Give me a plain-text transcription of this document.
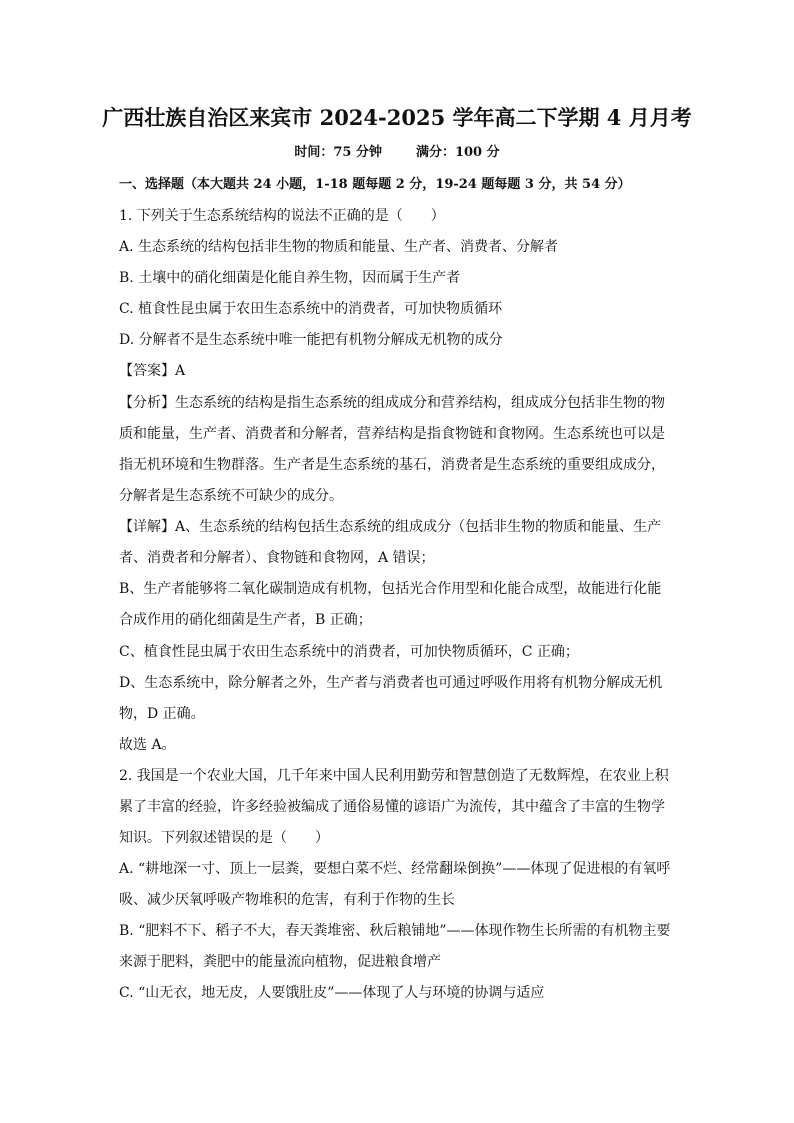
广西壮族自治区来宾市 2024-2025 学年高二下学期 4 月月考
时间：75 分钟	满分：100 分
一、选择题（本大题共 24 小题，1-18 题每题 2 分，19-24 题每题 3 分，共 54 分）
1. 下列关于生态系统结构的说法不正确的是（　　）
A. 生态系统的结构包括非生物的物质和能量、生产者、消费者、分解者
B. 土壤中的硝化细菌是化能自养生物，因而属于生产者
C. 植食性昆虫属于农田生态系统中的消费者，可加快物质循环
D. 分解者不是生态系统中唯一能把有机物分解成无机物的成分
【答案】A
【分析】生态系统的结构是指生态系统的组成成分和营养结构，组成成分包括非生物的物
质和能量，生产者、消费者和分解者，营养结构是指食物链和食物网。生态系统也可以是
指无机环境和生物群落。生产者是生态系统的基石，消费者是生态系统的重要组成成分，
分解者是生态系统不可缺少的成分。
【详解】A、生态系统的结构包括生态系统的组成成分（包括非生物的物质和能量、生产
者、消费者和分解者）、食物链和食物网，A 错误；
B、生产者能够将二氧化碳制造成有机物，包括光合作用型和化能合成型，故能进行化能
合成作用的硝化细菌是生产者，B 正确；
C、植食性昆虫属于农田生态系统中的消费者，可加快物质循环，C 正确；
D、生态系统中，除分解者之外，生产者与消费者也可通过呼吸作用将有机物分解成无机
物，D 正确。
故选 A。
2. 我国是一个农业大国，几千年来中国人民利用勤劳和智慧创造了无数辉煌，在农业上积
累了丰富的经验，许多经验被编成了通俗易懂的谚语广为流传，其中蕴含了丰富的生物学
知识。下列叙述错误的是（　　）
A. “耕地深一寸、顶上一层粪，要想白菜不烂、经常翻垛倒换”——体现了促进根的有氧呼
吸、减少厌氧呼吸产物堆积的危害，有利于作物的生长
B. “肥料不下、稻子不大，春天粪堆密、秋后粮铺地”——体现作物生长所需的有机物主要
来源于肥料，粪肥中的能量流向植物，促进粮食增产
C. “山无衣，地无皮，人要饿肚皮”——体现了人与环境的协调与适应
